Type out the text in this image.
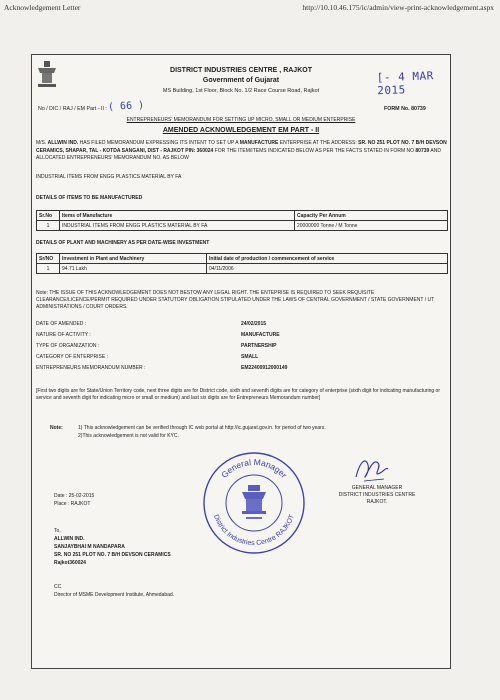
Acknowledgement Letter	http://10.10.46.175/ic/admin/view-print-acknowledgement.aspx
DISTRICT INDUSTRIES CENTRE , RAJKOT
Government of Gujarat
MS Building, 1st Floor, Block No. 1/2 Race Course Road, Rajkot
[- 4 MAR 2015
No / DIC / RAJ / EM Part - II : ( 66 )	FORM No. 80739
ENTREPRENEURS' MEMORANDUM FOR SETTING UP MICRO, SMALL OR MEDIUM ENTERPRISE
AMENDED ACKNOWLEDGEMENT EM PART - II
M/S. ALLWIN IND. HAS FILED MEMORANDUM EXPRESSING ITS INTENT TO SET UP A MANUFACTURE ENTERPRISE AT THE ADDRESS: SR. NO 251 PLOT NO. 7 B/H DEVSON CERAMICS, SHAPAR, TAL - KOTDA SANGANI, DIST - RAJKOT PIN: 360024 FOR THE ITEM/ITEMS INDICATED BELOW AS PER THE FACTS STATED IN FORM NO 80739 AND ALLOCATED ENTREPRENEURS' MEMORANDUM NO. AS BELOW
INDUSTRIAL ITEMS FROM ENGG PLASTICS MATERIAL BY FA
DETAILS OF ITEMS TO BE MANUFACTURED
Sr.No	Items of Manufacture	Capacity Per Annum
1	INDUSTRIAL ITEMS FROM ENGG PLASTICS MATERIAL BY FA	20000000 Tonne / M Tonne
DETAILS OF PLANT AND MACHINERY AS PER DATE-WISE INVESTMENT
Sr/NO	Investment in Plant and Machinery	Initial date of production / commencement of service
1	94.71 Lakh	04/11/2006
Note: THE ISSUE OF THIS ACKNOWLEDGEMENT DOES NOT BESTOW ANY LEGAL RIGHT. THE ENTEPRISE IS REQUIRED TO SEEK REQUISITE CLEARANCE/LICENCE/PERMIT REQUIRED UNDER STATUTORY OBLIGATION STIPULATED UNDER THE LAWS OF CENTRAL GOVERNMENT / STATE GOVERNMENT / UT ADMINISTRATIONS / COURT ORDERS.
DATE OF AMENDED :	24/02/2015
NATURE OF ACTIVITY :	MANUFACTURE
TYPE OF ORGANIZATION :	PARTNERSHIP
CATEGORY OF ENTERPRISE :	SMALL
ENTREPRENEURS MEMORANDUM NUMBER :	EM22400912000149
[First two digits are for State/Union Territory code, next three digits are for District code, sixth and seventh digits are for category of enterprise (sixth digit for indicating manufacturing or service and seventh digit for indicating micro or small or medium) and last six digits are for Entrepreneurs Memorandum number]
Note:	1) This acknowledgement can be verified through IC web portal at http://ic.gujarat.gov.in. for period of two years.
2)This acknowledgement is not valid for KYC.
General Manager
District Industries Centre RAJKOT
GENERAL MANAGER
DISTRICT INDUSTRIES CENTRE
RAJKOT.
Date : 25-02-2015
Place : RAJKOT
To,
ALLWIN IND.
SANJAYBHAI M NANDAPARA
SR. NO 251 PLOT NO. 7 B/H DEVSON CERAMICS
Rajkot360024
CC
Director of MSME Development Institute, Ahmedabad.
